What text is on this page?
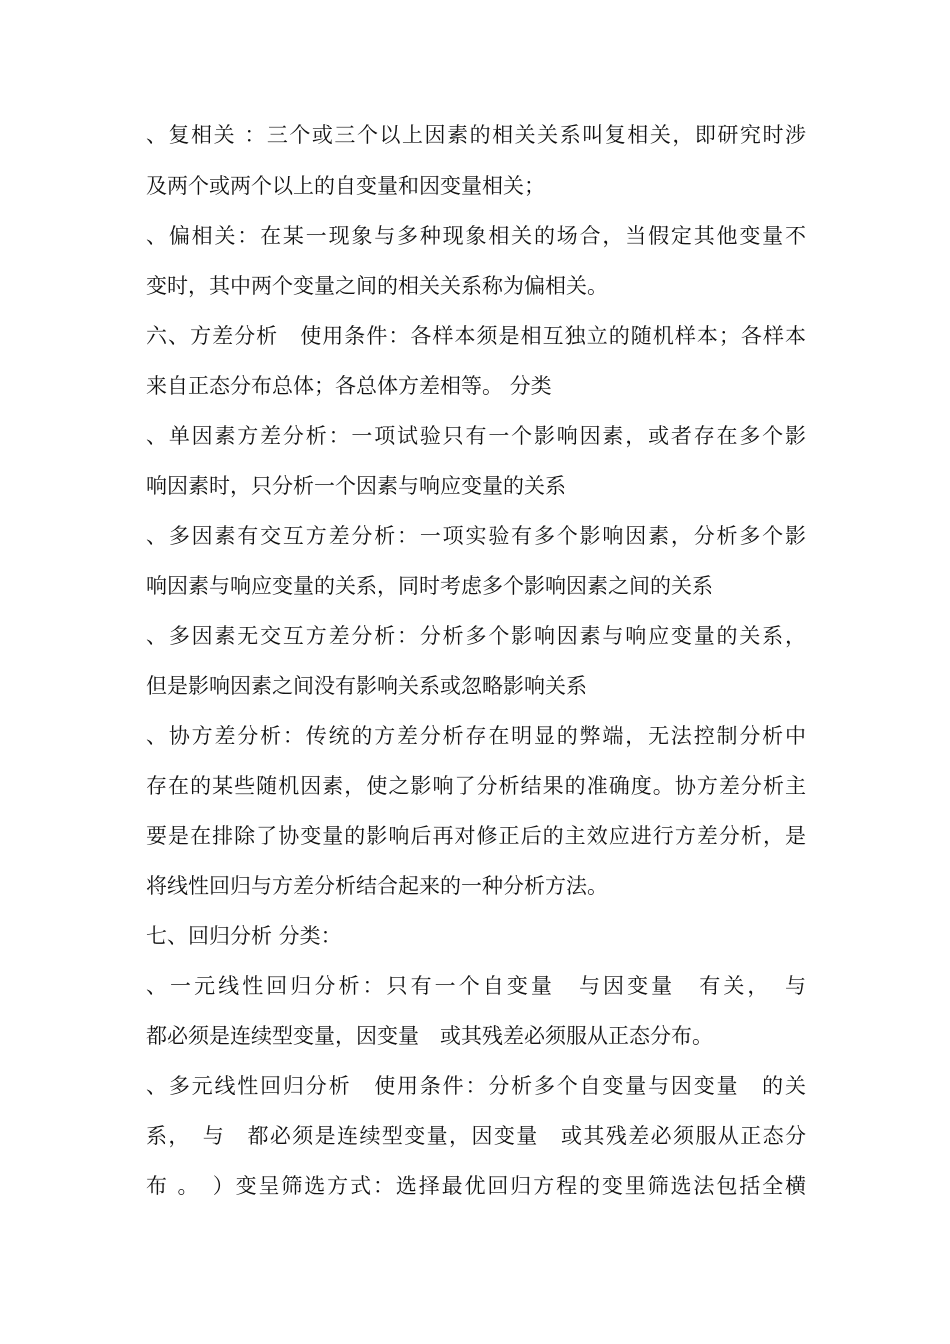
、复相关 ：三个或三个以上因素的相关关系叫复相关，即研究时涉
及两个或两个以上的自变量和因变量相关；
、偏相关：在某一现象与多种现象相关的场合，当假定其他变量不
变时，其中两个变量之间的相关关系称为偏相关。
六、方差分析　使用条件：各样本须是相互独立的随机样本；各样本
来自正态分布总体；各总体方差相等。 分类
、单因素方差分析：一项试验只有一个影响因素，或者存在多个影
响因素时，只分析一个因素与响应变量的关系
、多因素有交互方差分析：一项实验有多个影响因素，分析多个影
响因素与响应变量的关系，同时考虑多个影响因素之间的关系
、多因素无交互方差分析：分析多个影响因素与响应变量的关系，
但是影响因素之间没有影响关系或忽略影响关系
、协方差分析：传统的方差分析存在明显的弊端，无法控制分析中
存在的某些随机因素，使之影响了分析结果的准确度。协方差分析主
要是在排除了协变量的影响后再对修正后的主效应进行方差分析，是
将线性回归与方差分析结合起来的一种分析方法。
七、回归分析 分类：
、一元线性回归分析：只有一个自变量　与因变量　有关，　与
都必须是连续型变量，因变量　或其残差必须服从正态分布。
、多元线性回归分析　使用条件：分析多个自变量与因变量　的关
系，　与　都必须是连续型变量，因变量　或其残差必须服从正态分
布 。　）变呈筛选方式：选择最优回归方程的变里筛选法包括全横
